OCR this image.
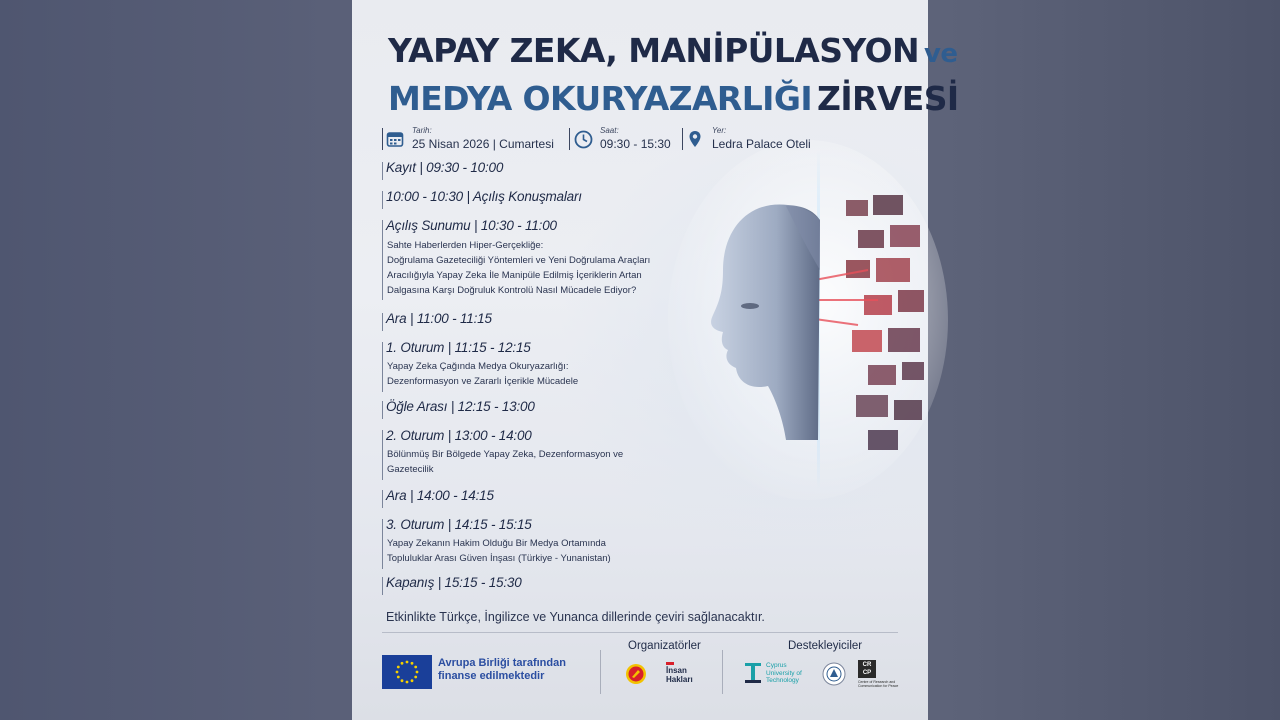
YAPAY ZEKA, MANİPÜLASYON ve
MEDYA OKURYAZARLIĞI ZİRVESİ
Tarih:
25 Nisan 2026 | Cumartesi
Saat:
09:30 - 15:30
Yer:
Ledra Palace Oteli
Kayıt | 09:30 - 10:00
10:00 - 10:30 | Açılış Konuşmaları
Açılış Sunumu | 10:30 - 11:00
Sahte Haberlerden Hiper-Gerçekliğe:
Doğrulama Gazeteciliği Yöntemleri ve Yeni Doğrulama Araçları
Aracılığıyla Yapay Zeka İle Manipüle Edilmiş İçeriklerin Artan
Dalgasına Karşı Doğruluk Kontrolü Nasıl Mücadele Ediyor?
Ara | 11:00 - 11:15
1. Oturum | 11:15 - 12:15
Yapay Zeka Çağında Medya Okuryazarlığı:
Dezenformasyon ve Zararlı İçerikle Mücadele
Öğle Arası | 12:15 - 13:00
2. Oturum | 13:00 - 14:00
Bölünmüş Bir Bölgede Yapay Zeka, Dezenformasyon ve
Gazetecilik
Ara | 14:00 - 14:15
3. Oturum | 14:15 - 15:15
Yapay Zekanın Hakim Olduğu Bir Medya Ortamında
Topluluklar Arası Güven İnşası (Türkiye - Yunanistan)
Kapanış | 15:15 - 15:30
Etkinlikte Türkçe, İngilizce ve Yunanca dillerinde çeviri sağlanacaktır.
Avrupa Birliği tarafından
finanse edilmektedir
Organizatörler
İnsan
Hakları
Destekleyiciler
Cyprus
University of
Technology
CR CP
Centre of Research and Communication for Peace
